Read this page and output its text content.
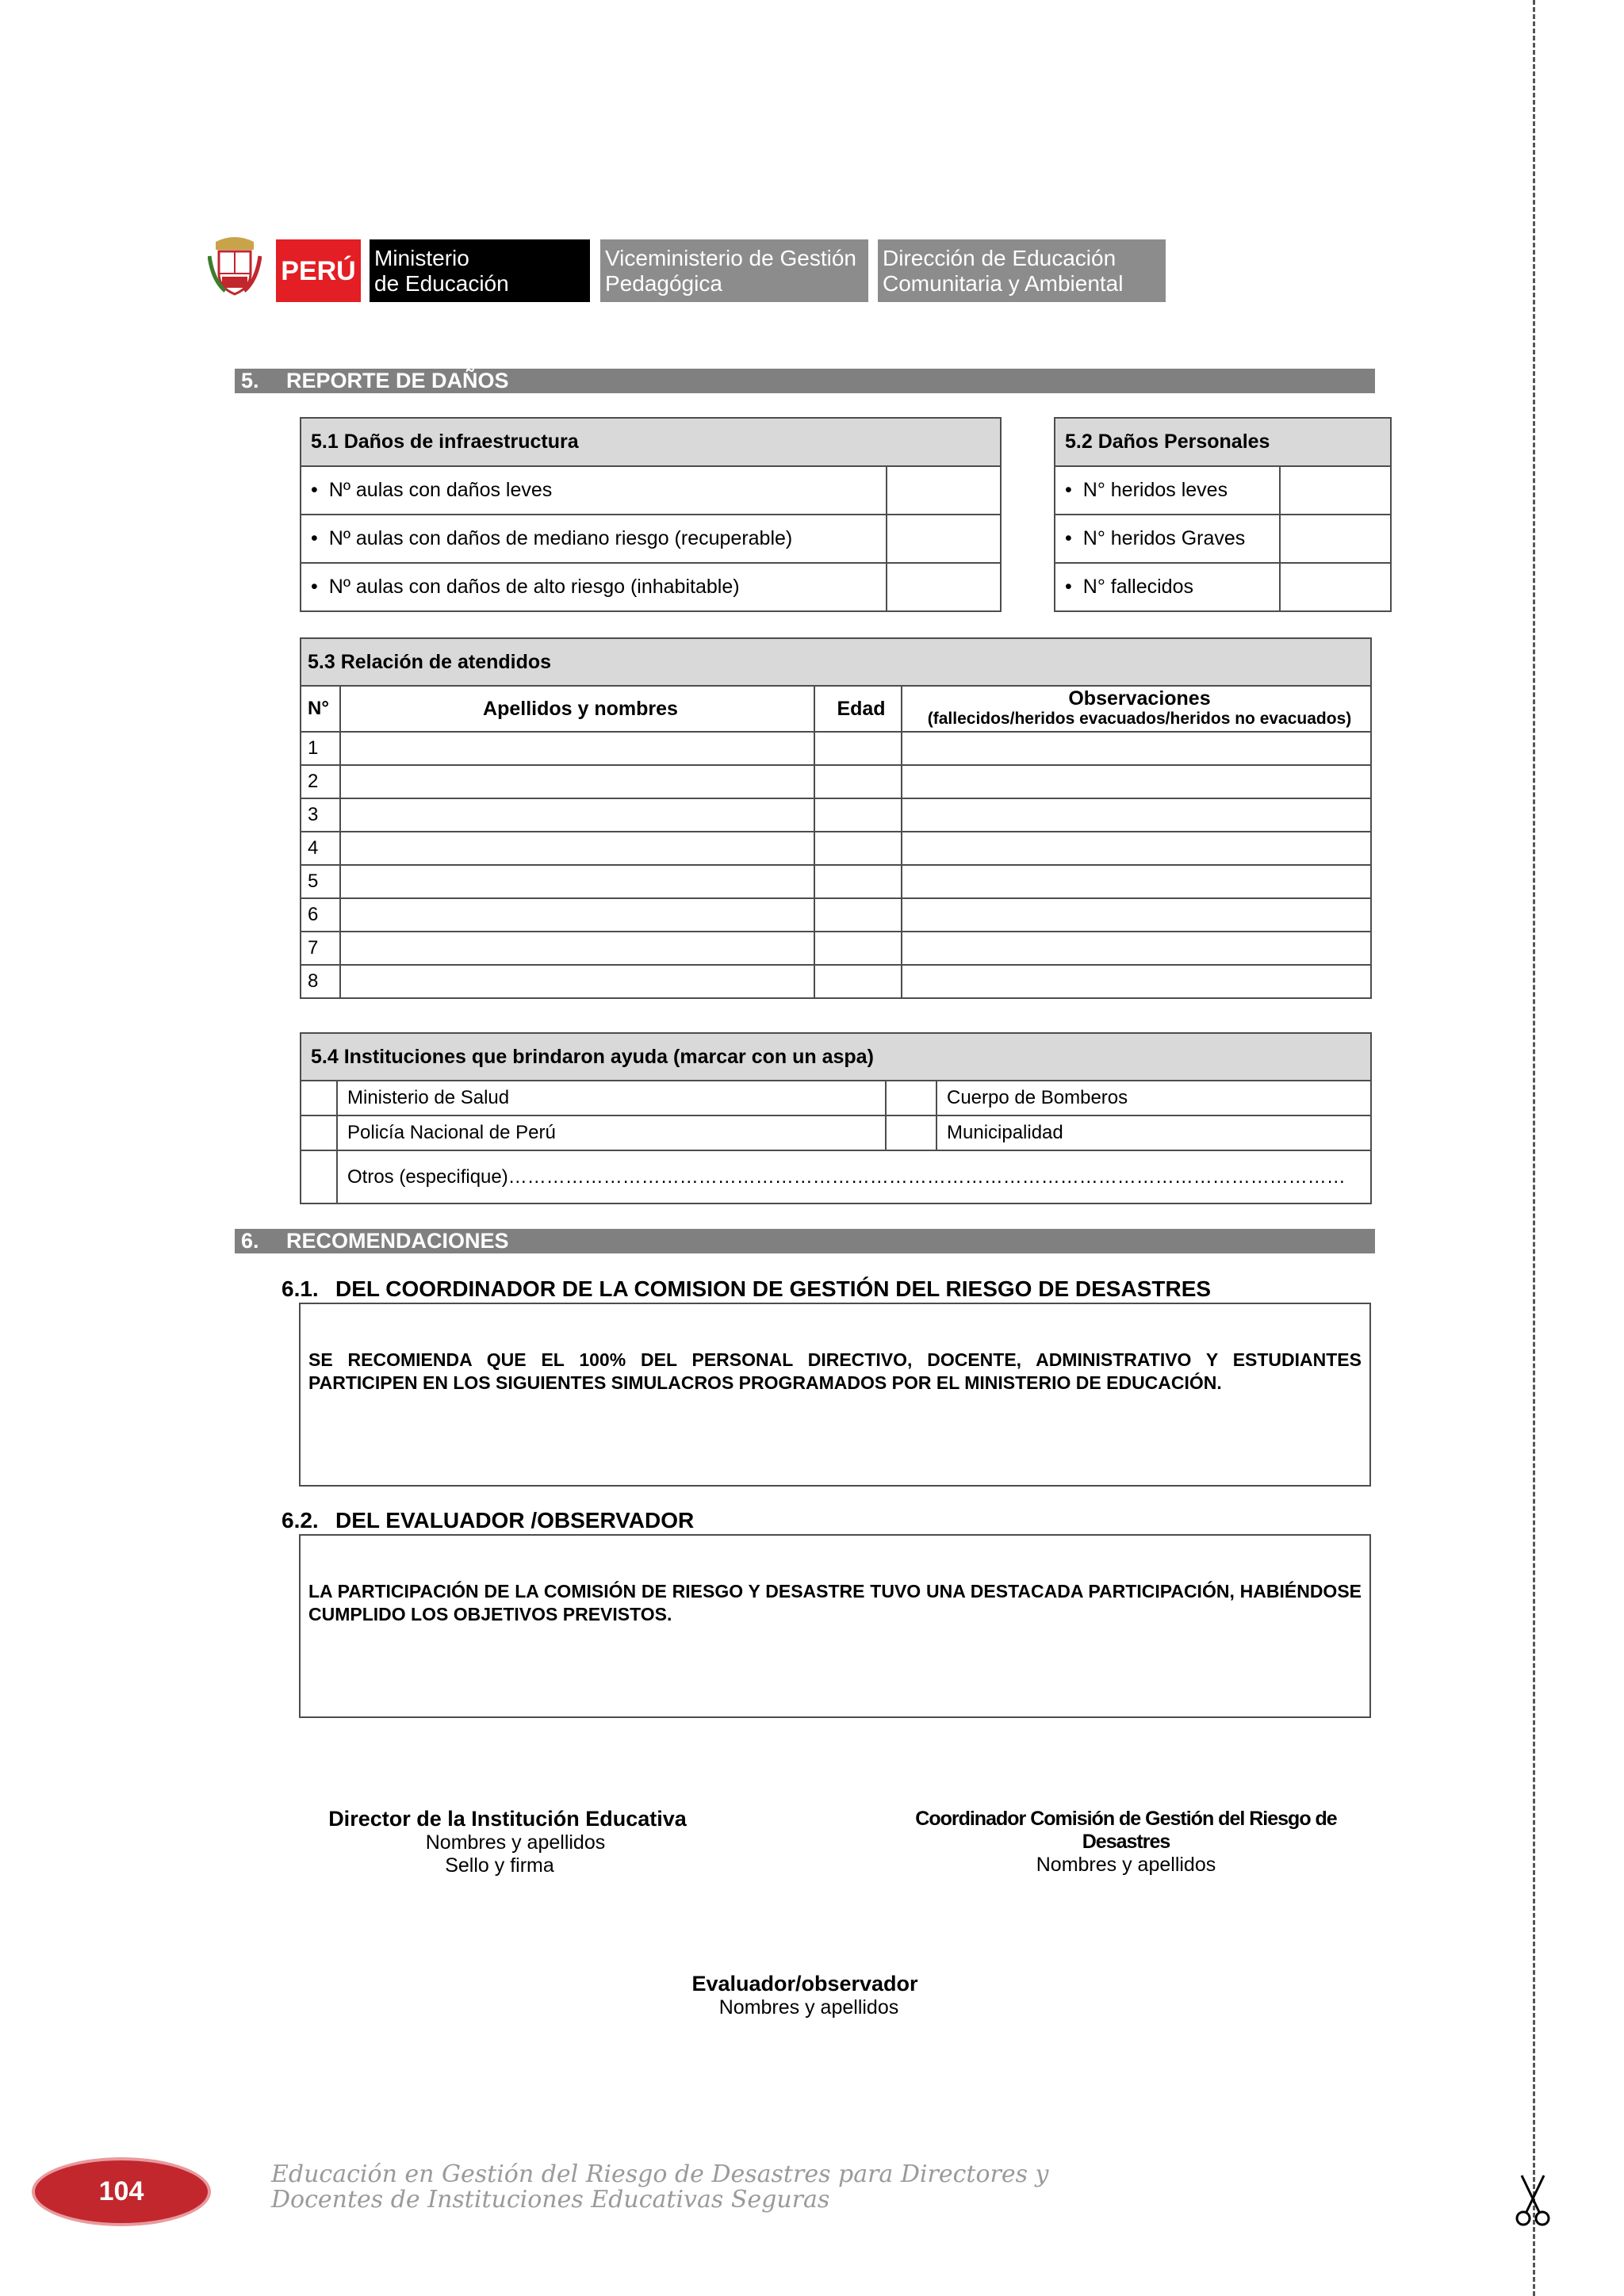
PERÚ Ministerio
de Educación
Viceministerio de Gestión
Pedagógica
Dirección de Educación
Comunitaria y Ambiental
5. REPORTE DE DAÑOS
5.1 Daños de infraestructura	
• Nº aulas con daños leves	
• Nº aulas con daños de mediano riesgo (recuperable)	
• Nº aulas con daños de alto riesgo (inhabitable)	
5.2 Daños Personales	
• N° heridos leves	
• N° heridos Graves	
• N° fallecidos	
5.3 Relación de atendidos			
N°	Apellidos y nombres	Edad	Observaciones
(fallecidos/heridos evacuados/heridos no evacuados)

1			
2			
3			
4			
5			
6			
7			
8			
5.4 Instituciones que brindaron ayuda (marcar con un aspa)			
	Ministerio de Salud		Cuerpo de Bomberos
	Policía Nacional de Perú		Municipalidad
	Otros (especifique)……………………………………………………………………………………………………………………		
6. RECOMENDACIONES
6.1. DEL COORDINADOR DE LA COMISION DE GESTIÓN DEL RIESGO DE DESASTRES
SE RECOMIENDA QUE EL 100% DEL PERSONAL DIRECTIVO, DOCENTE, ADMINISTRATIVO Y ESTUDIANTES PARTICIPEN EN LOS SIGUIENTES SIMULACROS PROGRAMADOS POR EL MINISTERIO DE EDUCACIÓN.
6.2. DEL EVALUADOR /OBSERVADOR
LA PARTICIPACIÓN DE LA COMISIÓN DE RIESGO Y DESASTRE TUVO UNA DESTACADA PARTICIPACIÓN, HABIÉNDOSE CUMPLIDO LOS OBJETIVOS PREVISTOS.
Director de la Institución Educativa
Nombres y apellidos
Sello y firma
Coordinador Comisión de Gestión del Riesgo de Desastres
Nombres y apellidos
Evaluador/observador
Nombres y apellidos
104
Educación en Gestión del Riesgo de Desastres para Directores y
Docentes de Instituciones Educativas Seguras
